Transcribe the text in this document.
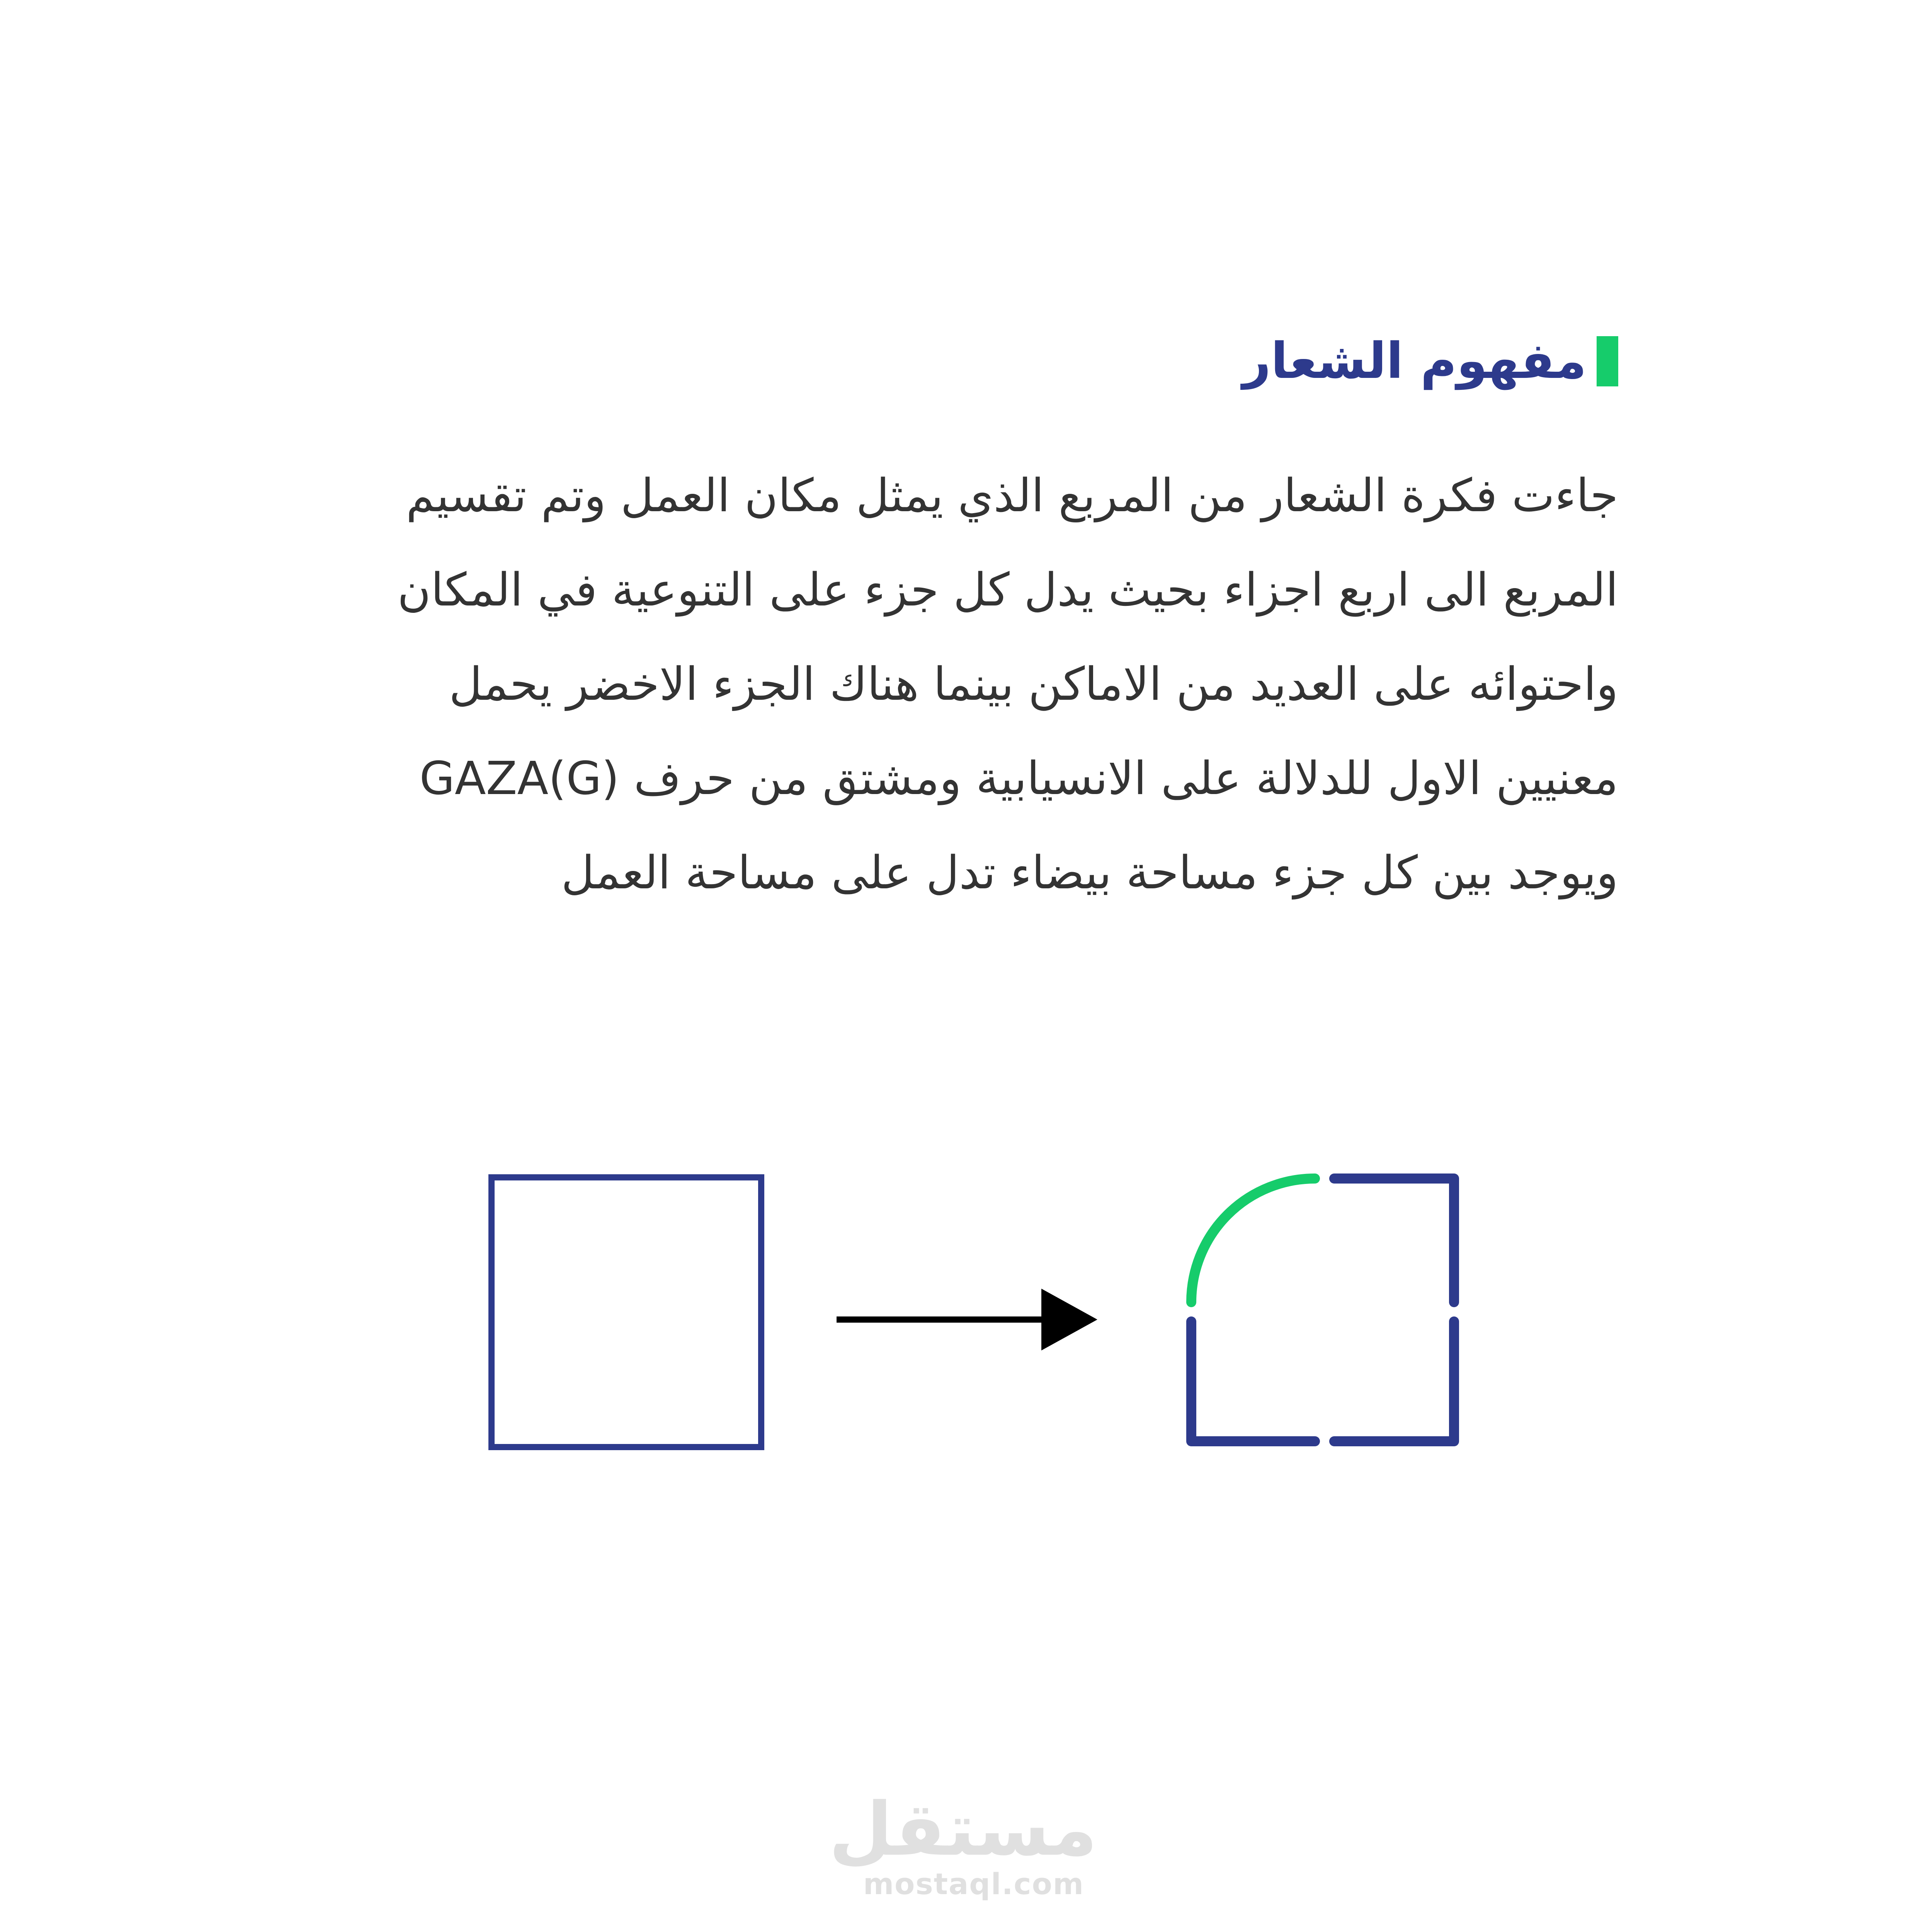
مفهوم الشعار
جاءت فكرة الشعار من المربع الذي يمثل مكان العمل وتم تقسيم
المربع الى اربع اجزاء بحيث يدل كل جزء على التنوعية في المكان
واحتوائه على العديد من الاماكن بينما هناك الجزء الاخضر يحمل
معنيين الاول للدلالة على الانسيابية ومشتق من حرف (GAZA(G
ويوجد بين كل جزء مساحة بيضاء تدل على مساحة العمل
مستقل
mostaql.com
